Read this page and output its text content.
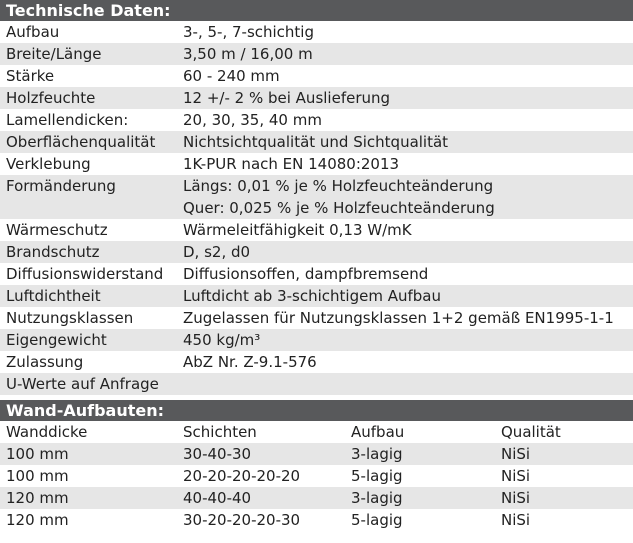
Technische Daten:
Aufbau	3-, 5-, 7-schichtig
Breite/Länge	3,50 m / 16,00 m
Stärke	60 - 240 mm
Holzfeuchte	12 +/- 2 % bei Auslieferung
Lamellendicken:	20, 30, 35, 40 mm
Oberflächenqualität	Nichtsichtqualität und Sichtqualität
Verklebung	1K-PUR nach EN 14080:2013
Formänderung	Längs: 0,01 % je % Holzfeuchteänderung
Quer: 0,025 % je % Holzfeuchteänderung
Wärmeschutz	Wärmeleitfähigkeit 0,13 W/mK
Brandschutz	D, s2, d0
Diffusionswiderstand	Diffusionsoffen, dampfbremsend
Luftdichtheit	Luftdicht ab 3-schichtigem Aufbau
Nutzungsklassen	Zugelassen für Nutzungsklassen 1+2 gemäß EN1995-1-1
Eigengewicht	450 kg/m³
Zulassung	AbZ Nr. Z-9.1-576
U-Werte auf Anfrage
Wand-Aufbauten:
Wanddicke	Schichten	Aufbau	Qualität
100 mm	30-40-30	3-lagig	NiSi
100 mm	20-20-20-20-20	5-lagig	NiSi
120 mm	40-40-40	3-lagig	NiSi
120 mm	30-20-20-20-30	5-lagig	NiSi
